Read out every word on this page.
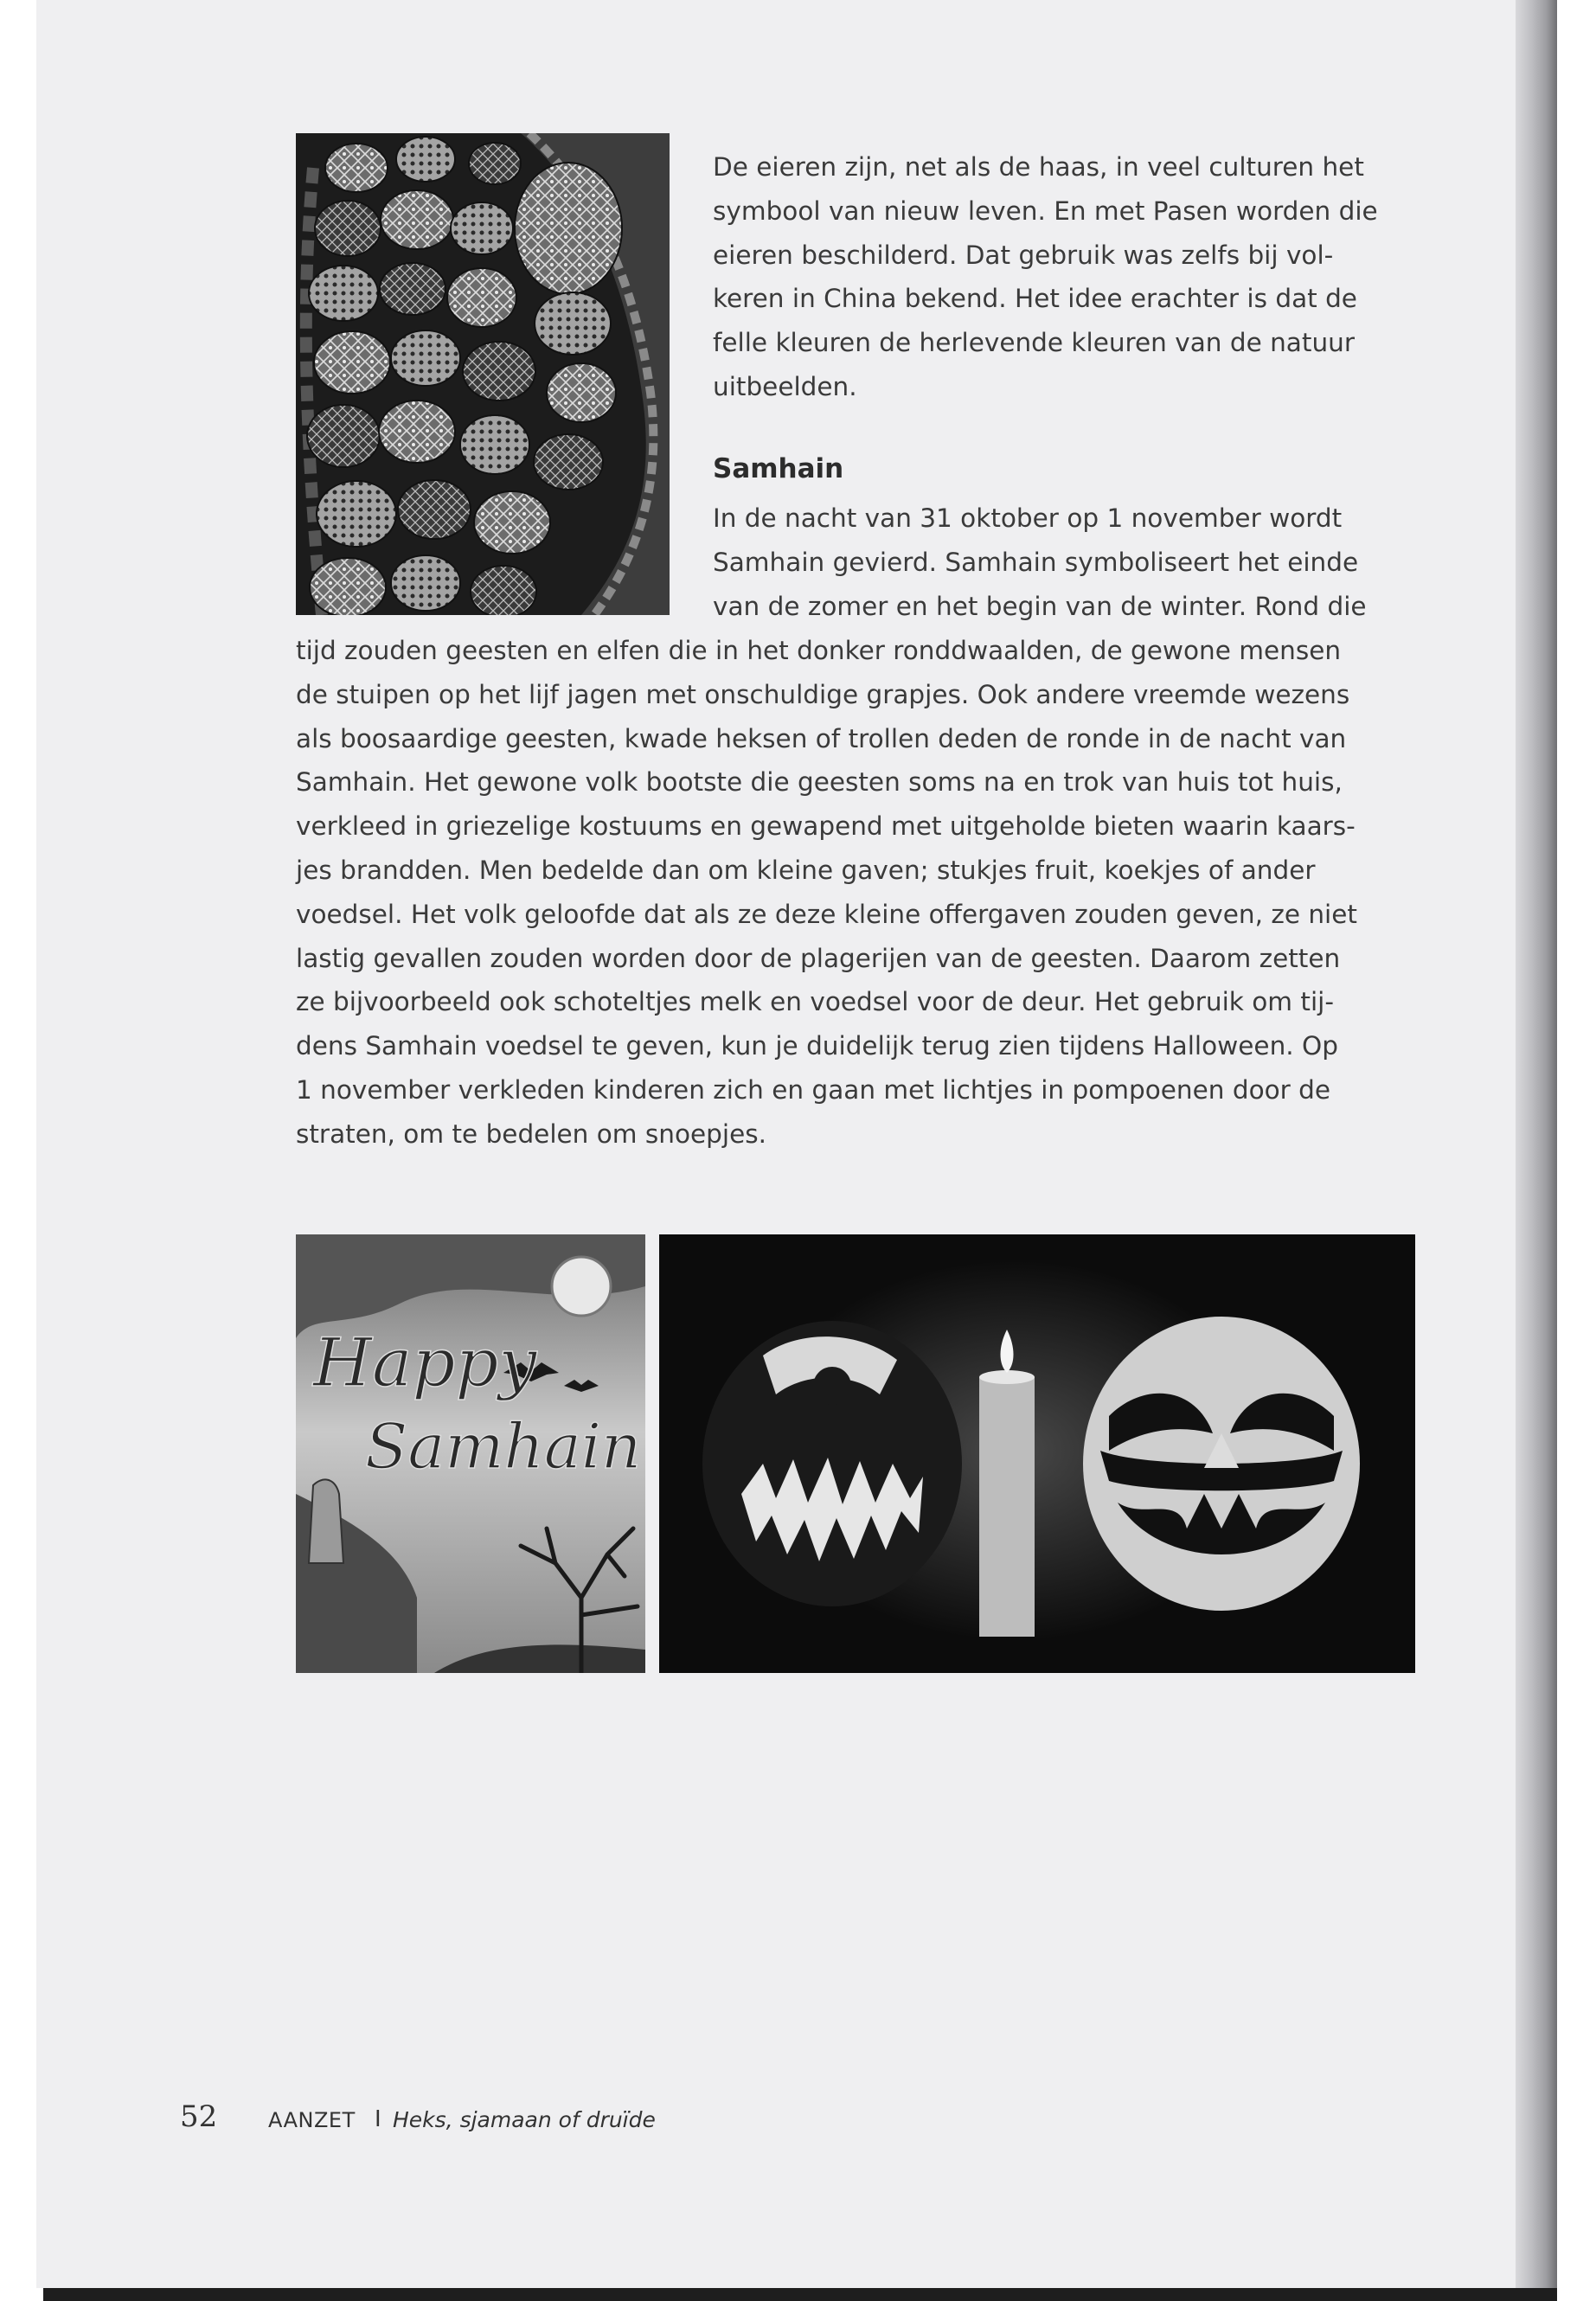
De eieren zijn, net als de haas, in veel culturen het

symbool van nieuw leven. En met Pasen worden die

eieren beschilderd. Dat gebruik was zelfs bij vol-

keren in China bekend. Het idee erachter is dat de

felle kleuren de herlevende kleuren van de natuur

uitbeelden.

Samhain

In de nacht van 31 oktober op 1 november wordt

Samhain gevierd. Samhain symboliseert het einde

van de zomer en het begin van de winter. Rond die

tijd zouden geesten en elfen die in het donker ronddwaalden, de gewone mensen

de stuipen op het lijf jagen met onschuldige grapjes. Ook andere vreemde wezens

als boosaardige geesten, kwade heksen of trollen deden de ronde in de nacht van

Samhain. Het gewone volk bootste die geesten soms na en trok van huis tot huis,

verkleed in griezelige kostuums en gewapend met uitgeholde bieten waarin kaars-

jes brandden. Men bedelde dan om kleine gaven; stukjes fruit, koekjes of ander

voedsel. Het volk geloofde dat als ze deze kleine offergaven zouden geven, ze niet

lastig gevallen zouden worden door de plagerijen van de geesten. Daarom zetten

ze bijvoorbeeld ook schoteltjes melk en voedsel voor de deur. Het gebruik om tij-

dens Samhain voedsel te geven, kun je duidelijk terug zien tijdens Halloween. Op

1 november verkleden kinderen zich en gaan met lichtjes in pompoenen door de

straten, om te bedelen om snoepjes.

Happy
Samhain
52 AANZET I Heks, sjamaan of druïde
